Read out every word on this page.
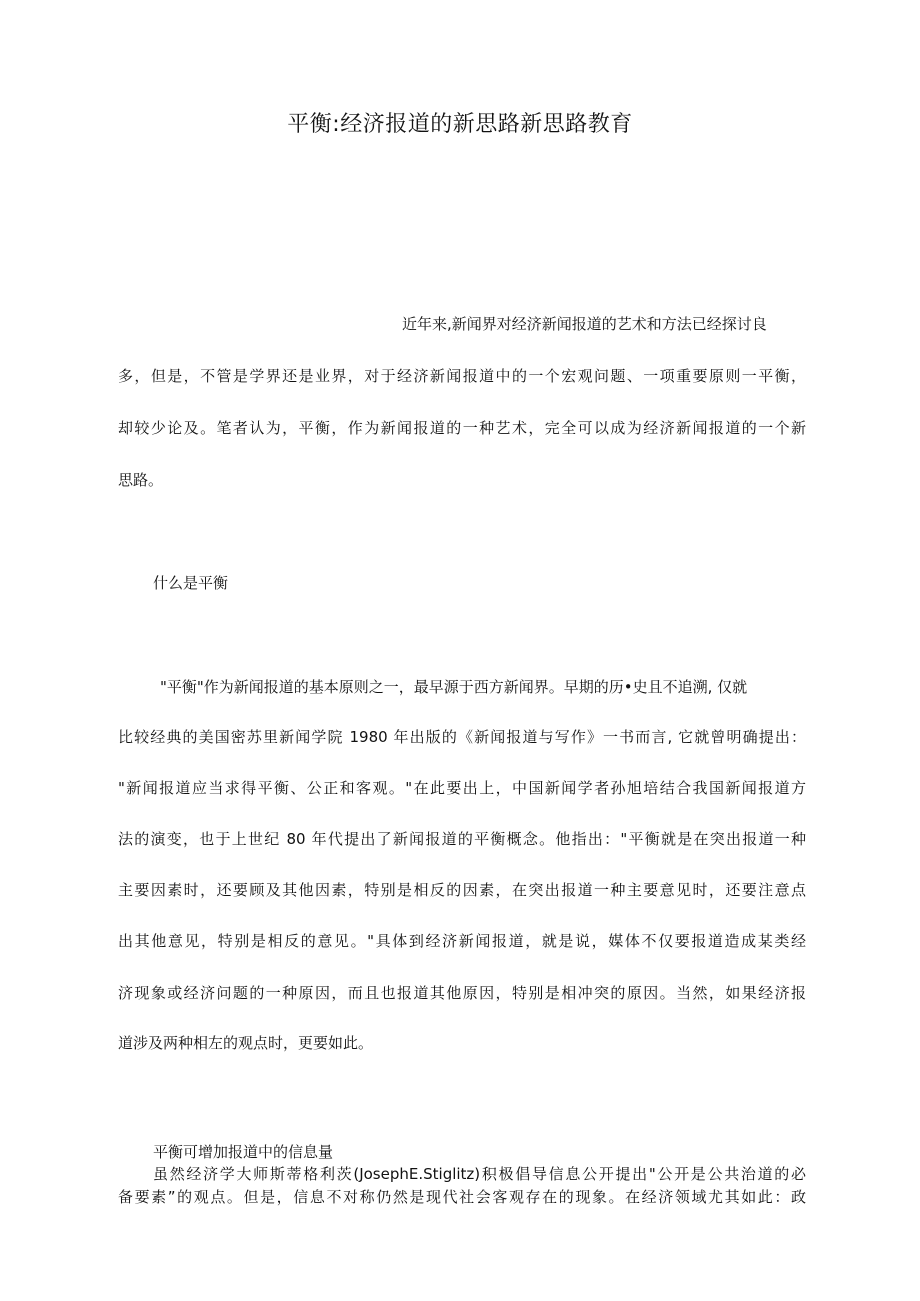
平衡:经济报道的新思路新思路教育
近年来,新闻界对经济新闻报道的艺术和方法已经探讨良
多，但是，不管是学界还是业界，对于经济新闻报道中的一个宏观问题、一项重要原则一平衡，
却较少论及。笔者认为，平衡，作为新闻报道的一种艺术，完全可以成为经济新闻报道的一个新
思路。
什么是平衡
"平衡"作为新闻报道的基本原则之一，最早源于西方新闻界。早期的历•史且不追溯, 仅就
比较经典的美国密苏里新闻学院 1980 年出版的《新闻报道与写作》一书而言, 它就曾明确提出：
"新闻报道应当求得平衡、公正和客观。"在此要出上，中国新闻学者孙旭培结合我国新闻报道方
法的演变，也于上世纪 80 年代提出了新闻报道的平衡概念。他指出："平衡就是在突出报道一种
主要因素时，还要顾及其他因素，特别是相反的因素，在突出报道一种主要意见时，还要注意点
出其他意见，特别是相反的意见。"具体到经济新闻报道，就是说，媒体不仅要报道造成某类经
济现象或经济问题的一种原因，而且也报道其他原因，特别是相冲突的原因。当然，如果经济报
道涉及两种相左的观点时，更要如此。
平衡可增加报道中的信息量
虽然经济学大师斯蒂格利茨(JosephE.Stiglitz)积极倡导信息公开提出"公开是公共治道的必
备要素”的观点。但是，信息不对称仍然是现代社会客观存在的现象。在经济领域尤其如此：政
